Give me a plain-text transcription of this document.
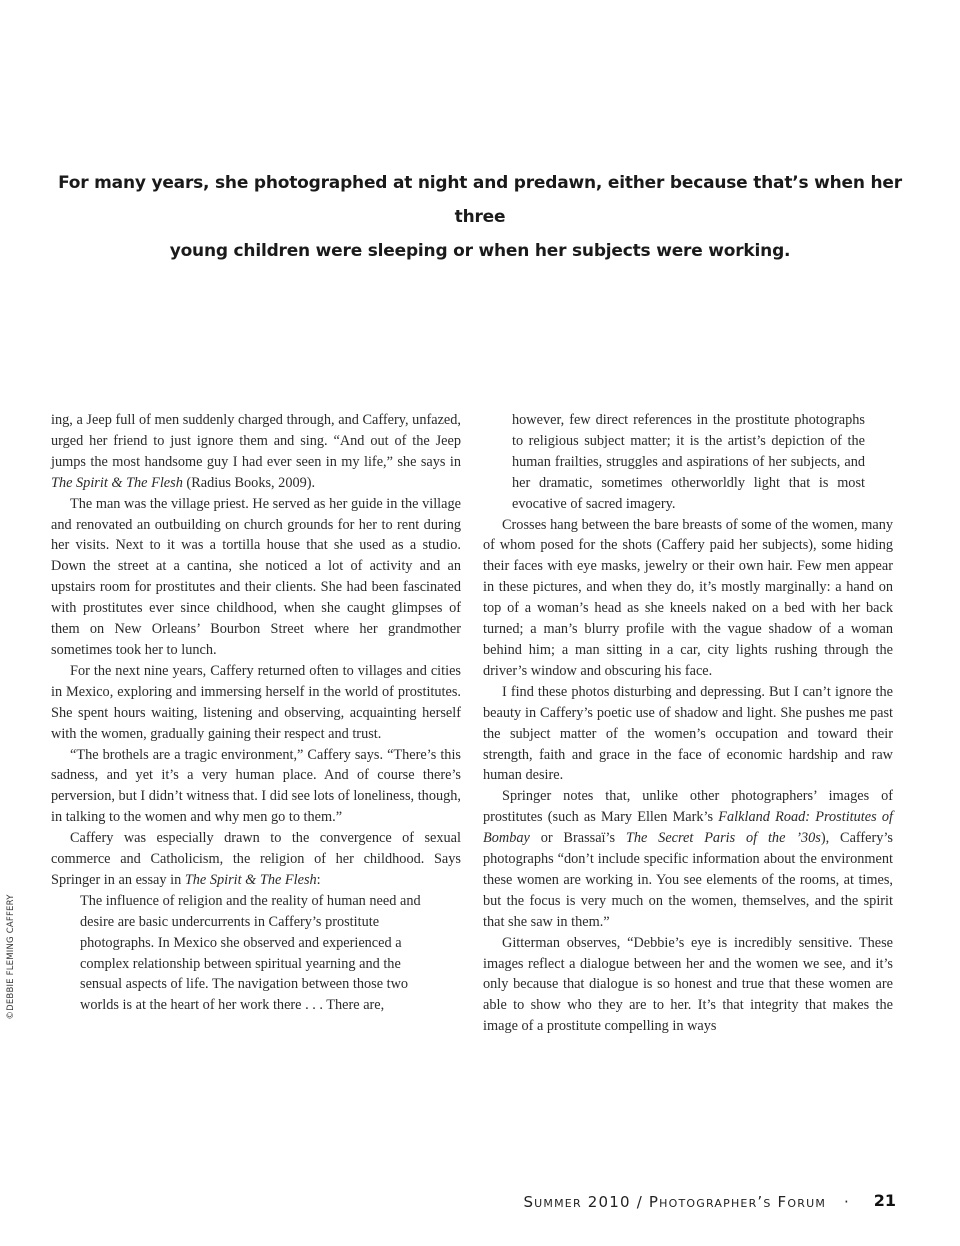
For many years, she photographed at night and predawn, either because that’s when her three
young children were sleeping or when her subjects were working.

ing, a Jeep full of men suddenly charged through, and Caffery, unfazed, urged her friend to just ignore them and sing. “And out of the Jeep jumps the most handsome guy I had ever seen in my life,” she says in The Spirit & The Flesh (Radius Books, 2009).

The man was the village priest. He served as her guide in the village and renovated an outbuilding on church grounds for her to rent during her visits. Next to it was a tortilla house that she used as a studio. Down the street at a cantina, she noticed a lot of activity and an upstairs room for prostitutes and their clients. She had been fascinated with prostitutes ever since childhood, when she caught glimpses of them on New Orleans’ Bourbon Street where her grandmother sometimes took her to lunch.

For the next nine years, Caffery returned often to villages and cities in Mexico, exploring and immersing herself in the world of prostitutes. She spent hours waiting, listening and observing, acquainting herself with the women, gradually gaining their respect and trust.

“The brothels are a tragic environment,” Caffery says. “There’s this sadness, and yet it’s a very human place. And of course there’s perversion, but I didn’t witness that. I did see lots of loneliness, though, in talking to the women and why men go to them.”

Caffery was especially drawn to the convergence of sexual commerce and Catholicism, the religion of her childhood. Says Springer in an essay in The Spirit & The Flesh:

The influence of religion and the reality of human need and desire are basic undercurrents in Caffery’s prostitute photographs. In Mexico she observed and experienced a complex relationship between spiritual yearning and the sensual aspects of life. The navigation between those two worlds is at the heart of her work there . . . There are,

however, few direct references in the prostitute photographs to religious subject matter; it is the artist’s depiction of the human frailties, struggles and aspirations of her subjects, and her dramatic, sometimes otherworldly light that is most evocative of sacred imagery.

Crosses hang between the bare breasts of some of the women, many of whom posed for the shots (Caffery paid her subjects), some hiding their faces with eye masks, jewelry or their own hair. Few men appear in these pictures, and when they do, it’s mostly marginally: a hand on top of a woman’s head as she kneels naked on a bed with her back turned; a man’s blurry profile with the vague shadow of a woman behind him; a man sitting in a car, city lights rushing through the driver’s window and obscuring his face.

I find these photos disturbing and depressing. But I can’t ignore the beauty in Caffery’s poetic use of shadow and light. She pushes me past the subject matter of the women’s occupation and toward their strength, faith and grace in the face of economic hardship and raw human desire.

Springer notes that, unlike other photographers’ images of prostitutes (such as Mary Ellen Mark’s Falkland Road: Prostitutes of Bombay or Brassaï’s The Secret Paris of the ’30s), Caffery’s photographs “don’t include specific information about the environment these women are working in. You see elements of the rooms, at times, but the focus is very much on the women, themselves, and the spirit that she saw in them.”

Gitterman observes, “Debbie’s eye is incredibly sensitive. These images reflect a dialogue between her and the women we see, and it’s only because that dialogue is so honest and true that these women are able to show who they are to her. It’s that integrity that makes the image of a prostitute compelling in ways

©DEBBIE FLEMING CAFFERY
Summer 2010 / Photographer’s Forum ·	21
